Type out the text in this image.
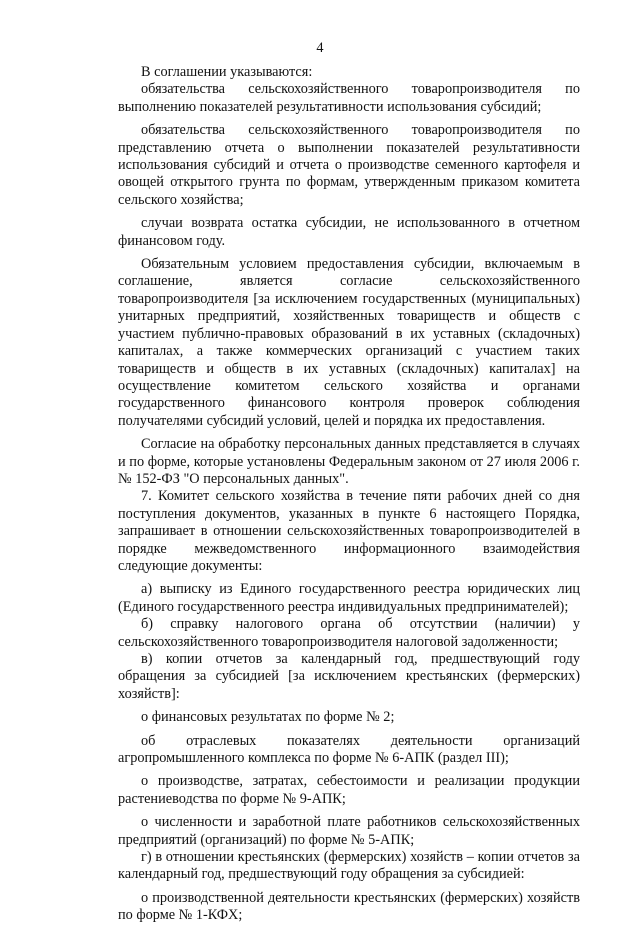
4

В соглашении указываются:

обязательства сельскохозяйственного товаропроизводителя по выполнению показателей результативности использования субсидий;

обязательства сельскохозяйственного товаропроизводителя по представлению отчета о выполнении показателей результативности использования субсидий и отчета о производстве семенного картофеля и овощей открытого грунта по формам, утвержденным приказом комитета сельского хозяйства;

случаи возврата остатка субсидии, не использованного в отчетном финансовом году.

Обязательным условием предоставления субсидии, включаемым в соглашение, является согласие сельскохозяйственного товаропроизводителя [за исключением государственных (муниципальных) унитарных предприятий, хозяйственных товариществ и обществ с участием публично-правовых образований в их уставных (складочных) капиталах, а также коммерческих организаций с участием таких товариществ и обществ в их уставных (складочных) капиталах] на осуществление комитетом сельского хозяйства и органами государственного финансового контроля проверок соблюдения получателями субсидий условий, целей и порядка их предоставления.

Согласие на обработку персональных данных представляется в случаях и по форме, которые установлены Федеральным законом от 27 июля 2006 г. № 152-ФЗ "О персональных данных".

7. Комитет сельского хозяйства в течение пяти рабочих дней со дня поступления документов, указанных в пункте 6 настоящего Порядка, запрашивает в отношении сельскохозяйственных товаропроизводителей в порядке межведомственного информационного взаимодействия следующие документы:

а) выписку из Единого государственного реестра юридических лиц (Единого государственного реестра индивидуальных предпринимателей);

б) справку налогового органа об отсутствии (наличии) у сельскохозяйственного товаропроизводителя налоговой задолженности;

в) копии отчетов за календарный год, предшествующий году обращения за субсидией [за исключением крестьянских (фермерских) хозяйств]:

о финансовых результатах по форме № 2;

об отраслевых показателях деятельности организаций агропромышленного комплекса по форме № 6-АПК (раздел III);

о производстве, затратах, себестоимости и реализации продукции растениеводства по форме № 9-АПК;

о численности и заработной плате работников сельскохозяйственных предприятий (организаций) по форме № 5-АПК;

г) в отношении крестьянских (фермерских) хозяйств – копии отчетов за календарный год, предшествующий году обращения за субсидией:

о производственной деятельности крестьянских (фермерских) хозяйств по форме № 1-КФХ;
